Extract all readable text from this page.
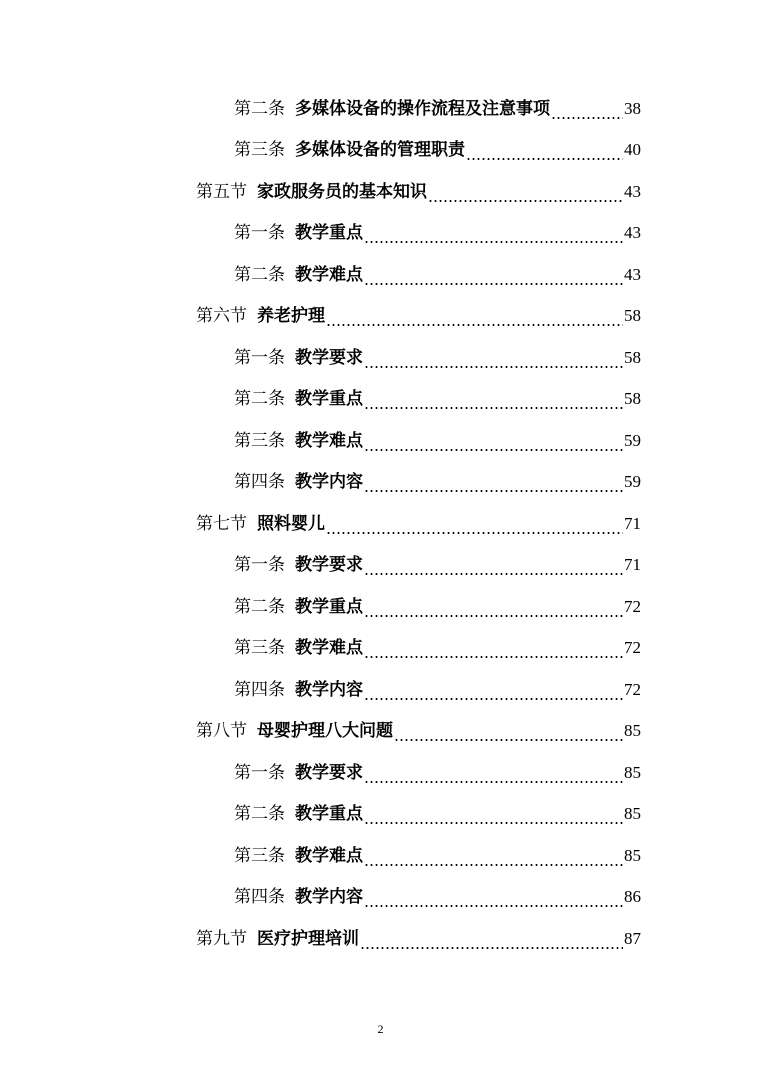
第二条 多媒体设备的操作流程及注意事项	38
第三条 多媒体设备的管理职责	40
第五节 家政服务员的基本知识	43
第一条 教学重点	43
第二条 教学难点	43
第六节 养老护理	58
第一条 教学要求	58
第二条 教学重点	58
第三条 教学难点	59
第四条 教学内容	59
第七节 照料婴儿	71
第一条 教学要求	71
第二条 教学重点	72
第三条 教学难点	72
第四条 教学内容	72
第八节 母婴护理八大问题	85
第一条 教学要求	85
第二条 教学重点	85
第三条 教学难点	85
第四条 教学内容	86
第九节 医疗护理培训	87
2
